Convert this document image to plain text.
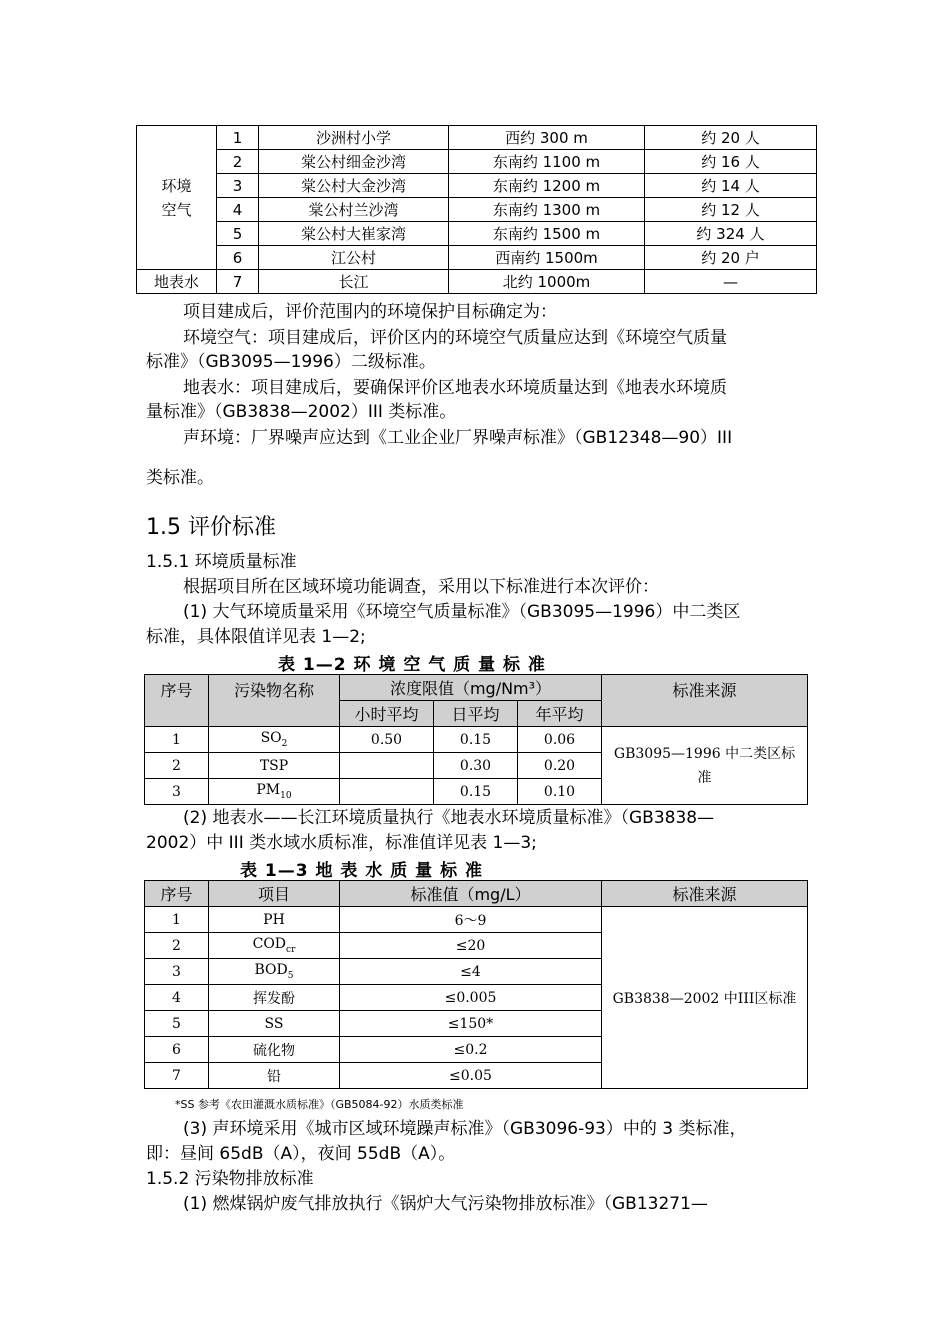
环境
空气	1	沙洲村小学	西约 300 m	约 20 人
	2	棠公村细金沙湾	东南约 1100 m	约 16 人
	3	棠公村大金沙湾	东南约 1200 m	约 14 人
	4	棠公村兰沙湾	东南约 1300 m	约 12 人
	5	棠公村大崔家湾	东南约 1500 m	约 324 人
	6	江公村	西南约 1500m	约 20 户
地表水	7	长江	北约 1000m	—
项目建成后，评价范围内的环境保护目标确定为：
环境空气：项目建成后，评价区内的环境空气质量应达到《环境空气质量
标准》（GB3095—1996）二级标准。
地表水：项目建成后，要确保评价区地表水环境质量达到《地表水环境质
量标准》（GB3838—2002）III 类标准。
声环境：厂界噪声应达到《工业企业厂界噪声标准》（GB12348—90）III
类标准。
1.5 评价标准
1.5.1 环境质量标准
根据项目所在区域环境功能调查，采用以下标准进行本次评价：
(1) 大气环境质量采用《环境空气质量标准》（GB3095—1996）中二类区
标准，具体限值详见表 1—2;
表 1—2 环 境 空 气 质 量 标 准
序号	污染物名称	浓度限值（mg/Nm³）			标准来源
		小时平均	日平均	年平均	
1	$SO_2$	0.50	0.15	0.06	GB3095—1996 中二类区标
准
2	TSP		0.30	0.20	
3	$PM_{10}$		0.15	0.10	
(2) 地表水——长江环境质量执行《地表水环境质量标准》（GB3838—
2002）中 III 类水域水质标准，标准值详见表 1—3;
表 1—3 地 表 水 质 量 标 准
序号	项目	标准值（mg/L）	标准来源
1	PH	6～9	GB3838—2002 中III区标准
2	$COD_{cr}$	≤20	
3	$BOD_5$	≤4	
4	挥发酚	≤0.005	
5	SS	≤150*	
6	硫化物	≤0.2	
7	铅	≤0.05	
*SS 参考《农田灌溉水质标准》（GB5084-92）水质类标准
(3) 声环境采用《城市区域环境躁声标准》（GB3096-93）中的 3 类标准，
即：昼间 65dB（A），夜间 55dB（A）。
1.5.2 污染物排放标准
(1) 燃煤锅炉废气排放执行《锅炉大气污染物排放标准》（GB13271—
